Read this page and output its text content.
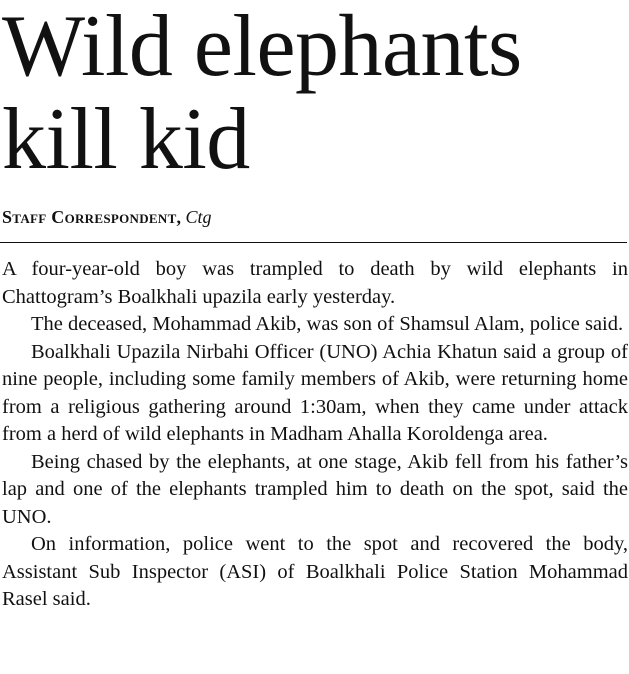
Wild elephants kill kid
Staff Correspondent, Ctg

A four-year-old boy was trampled to death by wild elephants in Chattogram’s Boalkhali upazila early yesterday.

The deceased, Mohammad Akib, was son of Shamsul Alam, police said.

Boalkhali Upazila Nirbahi Officer (UNO) Achia Khatun said a group of nine people, including some family members of Akib, were returning home from a religious gathering around 1:30am, when they came under attack from a herd of wild elephants in Madham Ahalla Koroldenga area.

Being chased by the elephants, at one stage, Akib fell from his father’s lap and one of the elephants trampled him to death on the spot, said the UNO.

On information, police went to the spot and recovered the body, Assistant Sub Inspector (ASI) of Boalkhali Police Station Mohammad Rasel said.
